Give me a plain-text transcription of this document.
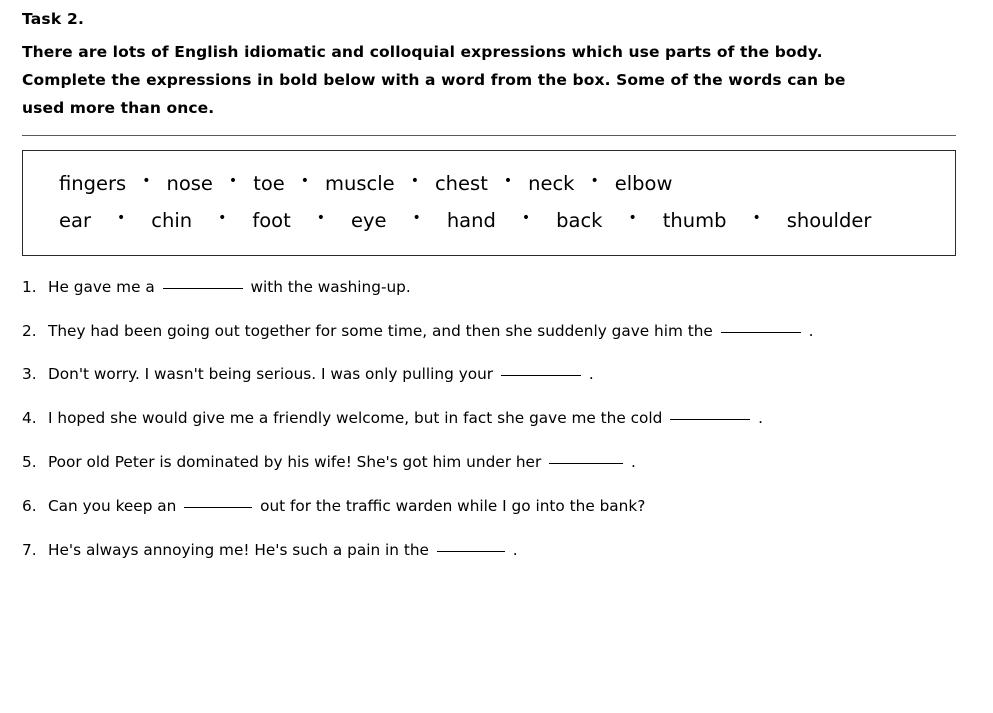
Task 2.
There are lots of English idiomatic and colloquial expressions which use parts of the body.
Complete the expressions in bold below with a word from the box. Some of the words can be
used more than once.
fingers • nose • toe • muscle • chest • neck • elbow
ear	•	chin	•	foot	•	eye	•	hand	•	back	•	thumb	•	shoulder
1. He gave me a	with the washing-up.
2. They had been going out together for some time, and then she suddenly gave him the	.
3. Don't worry. I wasn't being serious. I was only pulling your	.
4. I hoped she would give me a friendly welcome, but in fact she gave me the cold	.
5. Poor old Peter is dominated by his wife! She's got him under her	.
6. Can you keep an	out for the traffic warden while I go into the bank?
7. He's always annoying me! He's such a pain in the	.
